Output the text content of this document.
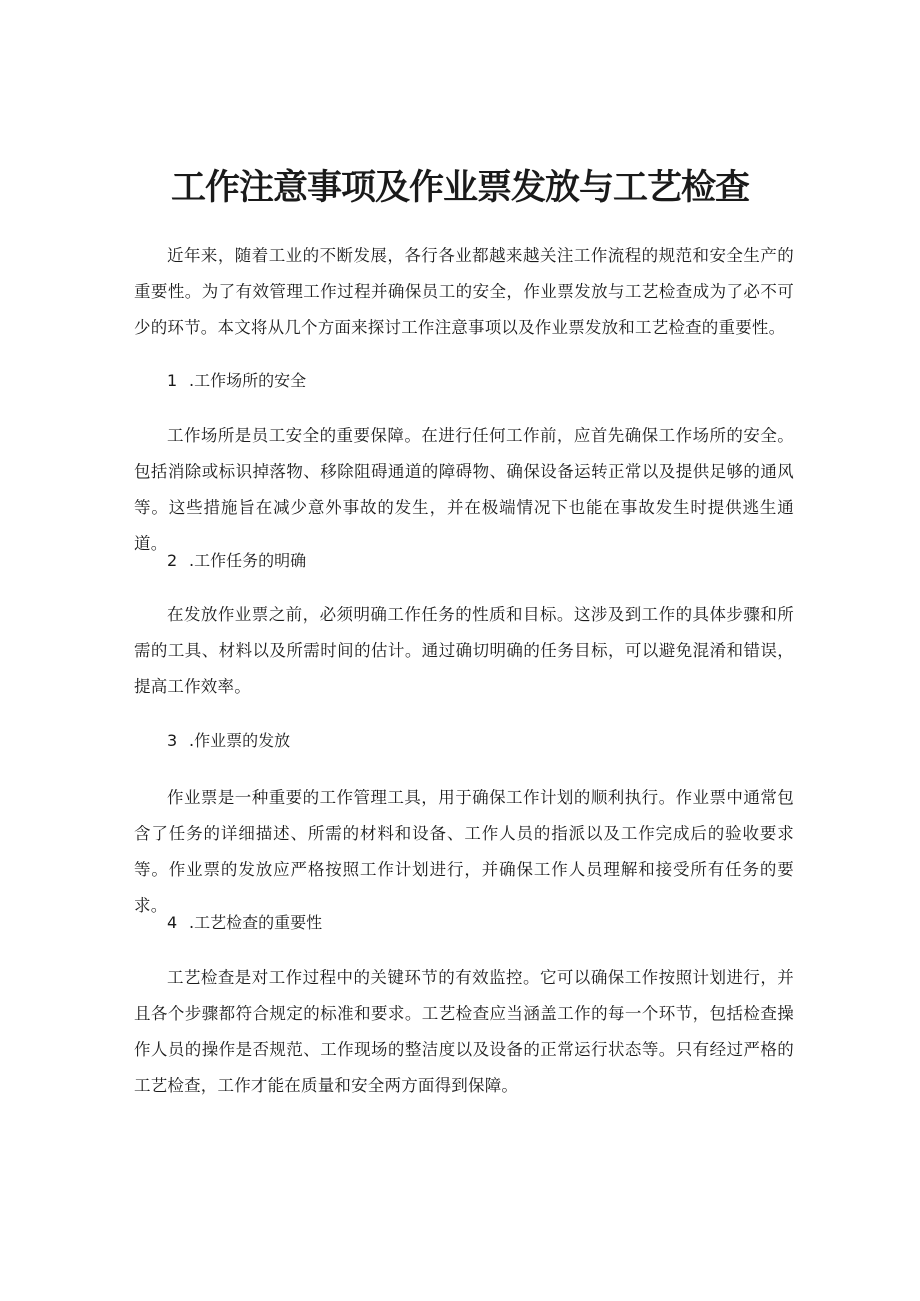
工作注意事项及作业票发放与工艺检查

近年来，随着工业的不断发展，各行各业都越来越关注工作流程的规范和安全生产的重要性。为了有效管理工作过程并确保员工的安全，作业票发放与工艺检查成为了必不可少的环节。本文将从几个方面来探讨工作注意事项以及作业票发放和工艺检查的重要性。

1 .工作场所的安全

工作场所是员工安全的重要保障。在进行任何工作前，应首先确保工作场所的安全。包括消除或标识掉落物、移除阻碍通道的障碍物、确保设备运转正常以及提供足够的通风等。这些措施旨在减少意外事故的发生，并在极端情况下也能在事故发生时提供逃生通道。

2 .工作任务的明确

在发放作业票之前，必须明确工作任务的性质和目标。这涉及到工作的具体步骤和所需的工具、材料以及所需时间的估计。通过确切明确的任务目标，可以避免混淆和错误，提高工作效率。

3 .作业票的发放

作业票是一种重要的工作管理工具，用于确保工作计划的顺利执行。作业票中通常包含了任务的详细描述、所需的材料和设备、工作人员的指派以及工作完成后的验收要求等。作业票的发放应严格按照工作计划进行，并确保工作人员理解和接受所有任务的要求。

4 .工艺检查的重要性

工艺检查是对工作过程中的关键环节的有效监控。它可以确保工作按照计划进行，并且各个步骤都符合规定的标准和要求。工艺检查应当涵盖工作的每一个环节，包括检查操作人员的操作是否规范、工作现场的整洁度以及设备的正常运行状态等。只有经过严格的工艺检查，工作才能在质量和安全两方面得到保障。
